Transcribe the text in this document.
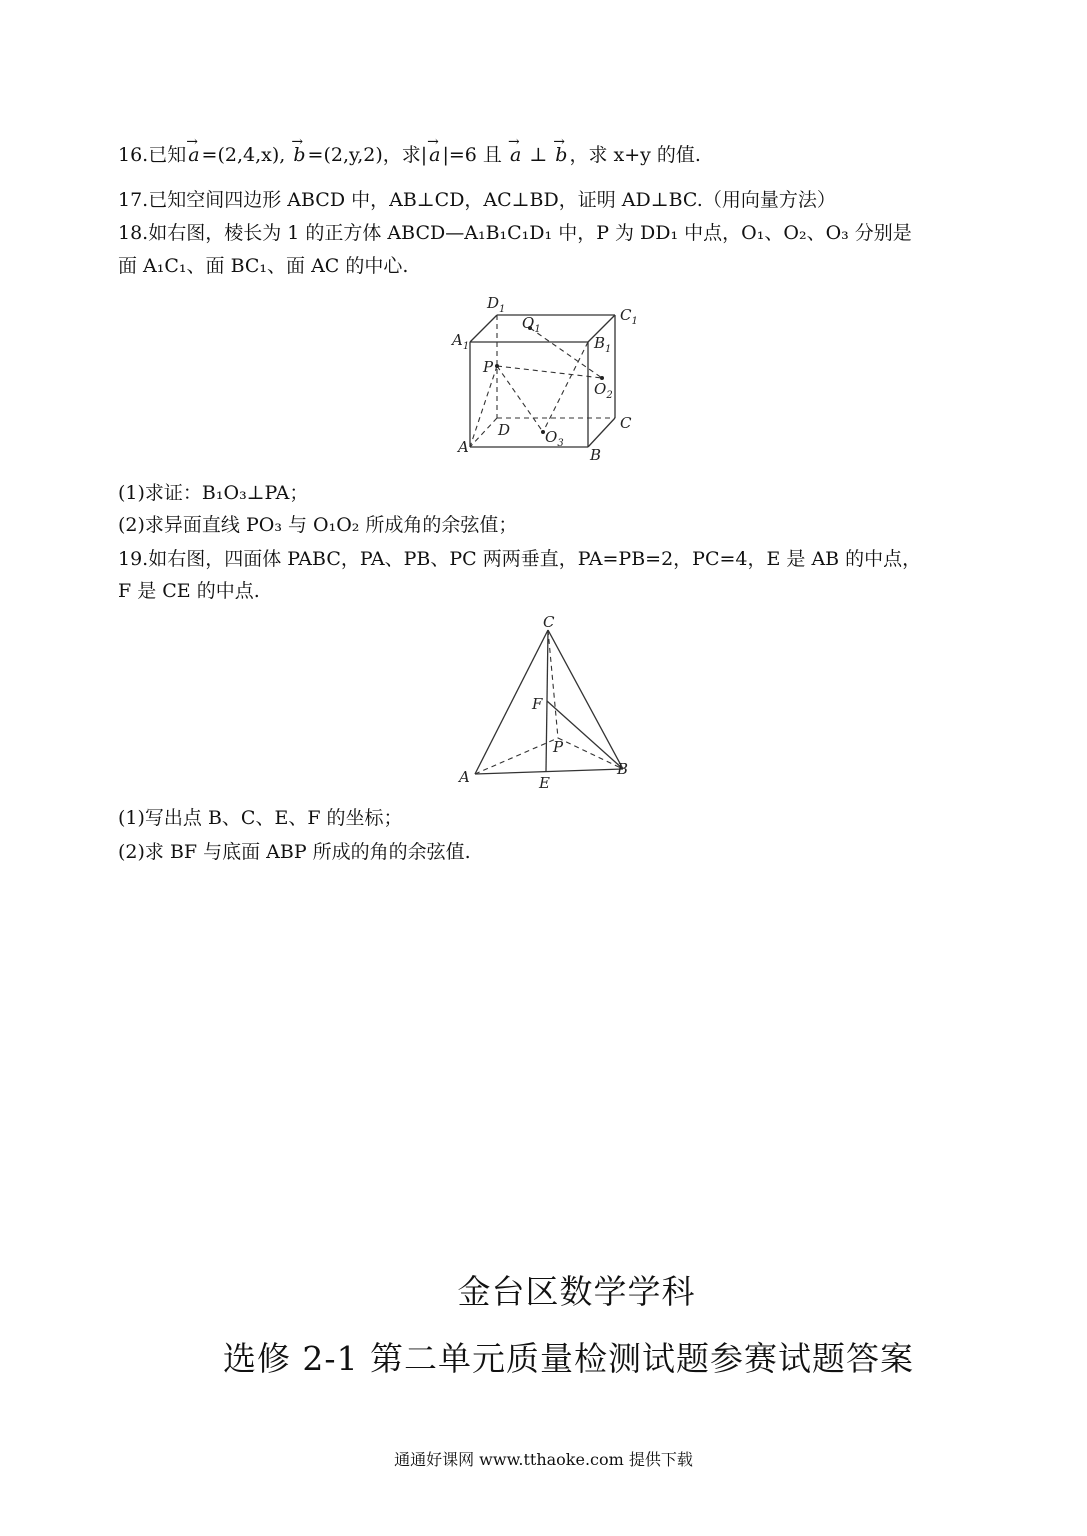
16.已知 → a =(2,4,x), → b =(2,y,2)，求| → a |=6 且 → a ⊥ → b ，求 x+y 的值.
17.已知空间四边形 ABCD 中，AB⊥CD，AC⊥BD，证明 AD⊥BC.（用向量方法）
18.如右图，棱长为 1 的正方体 ABCD—A₁B₁C₁D₁ 中，P 为 DD₁ 中点，O₁、O₂、O₃ 分别是
面 A₁C₁、面 BC₁、面 AC 的中心.
$D_1$	$C_1$
$A_1$	$B_1$
$O_1$
$O_2$
P
D $O_3$
C
A	B
(1)求证：B₁O₃⊥PA；
(2)求异面直线 PO₃ 与 O₁O₂ 所成角的余弦值；
19.如右图，四面体 PABC，PA、PB、PC 两两垂直，PA=PB=2，PC=4，E 是 AB 的中点，
F 是 CE 的中点.
C
F
P
A	E
B
(1)写出点 B、C、E、F 的坐标；
(2)求 BF 与底面 ABP 所成的角的余弦值.
金台区数学学科
选修 2-1 第二单元质量检测试题参赛试题答案
通通好课网 www.tthaoke.com 提供下载
